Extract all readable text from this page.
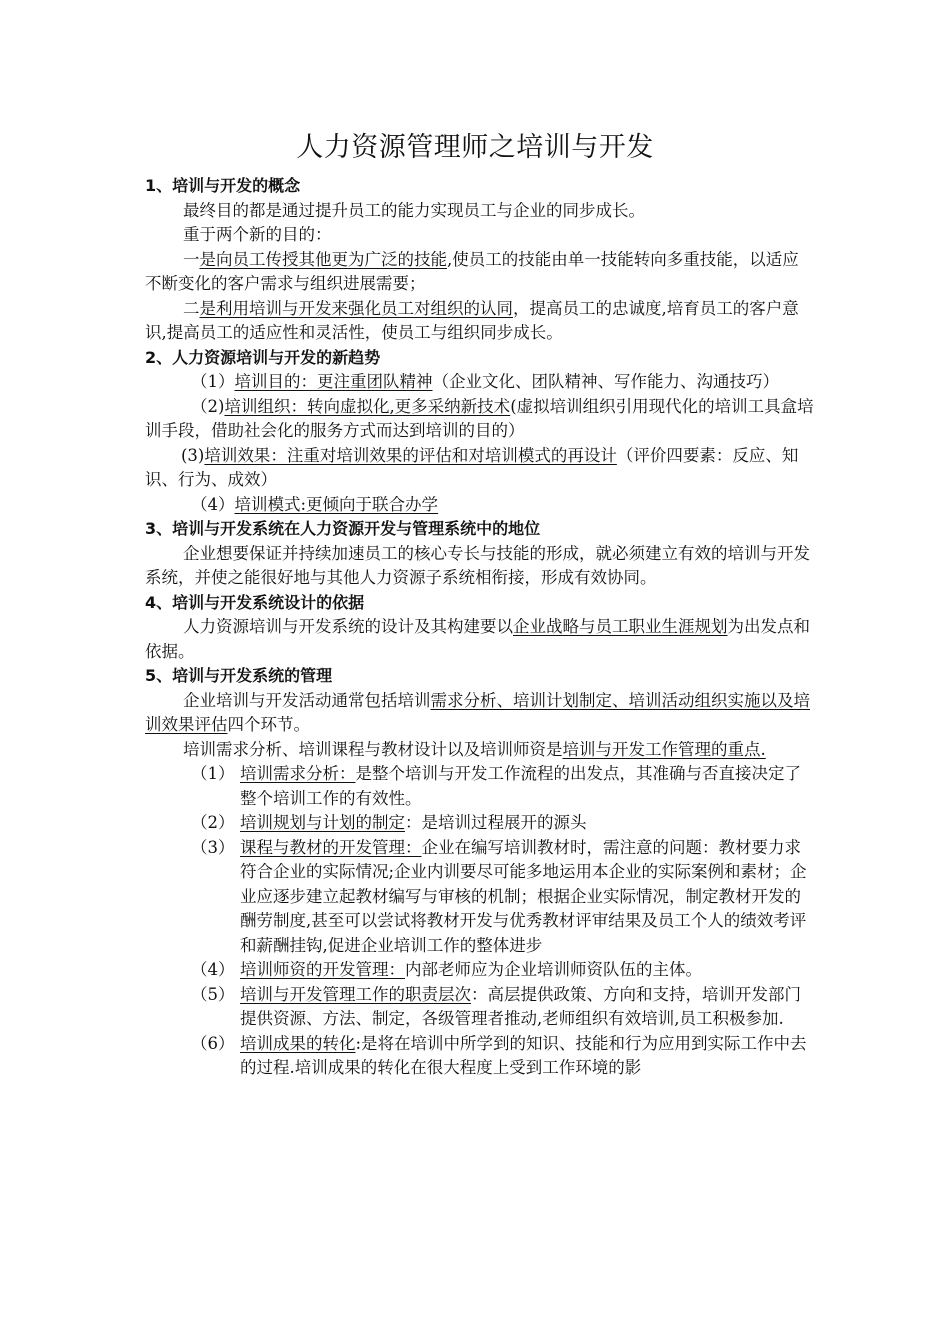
人力资源管理师之培训与开发
1、培训与开发的概念

最终目的都是通过提升员工的能力实现员工与企业的同步成长。

重于两个新的目的：

一是向员工传授其他更为广泛的技能,使员工的技能由单一技能转向多重技能，以适应不断变化的客户需求与组织进展需要；

二是利用培训与开发来强化员工对组织的认同，提高员工的忠诚度,培育员工的客户意识,提高员工的适应性和灵活性，使员工与组织同步成长。

2、人力资源培训与开发的新趋势

（1）培训目的：更注重团队精神（企业文化、团队精神、写作能力、沟通技巧）

（2)培训组织：转向虚拟化,更多采纳新技术(虚拟培训组织引用现代化的培训工具盒培训手段，借助社会化的服务方式而达到培训的目的）

(3)培训效果：注重对培训效果的评估和对培训模式的再设计（评价四要素：反应、知识、行为、成效）

（4）培训模式:更倾向于联合办学

3、培训与开发系统在人力资源开发与管理系统中的地位

企业想要保证并持续加速员工的核心专长与技能的形成，就必须建立有效的培训与开发系统，并使之能很好地与其他人力资源子系统相衔接，形成有效协同。

4、培训与开发系统设计的依据

人力资源培训与开发系统的设计及其构建要以企业战略与员工职业生涯规划为出发点和依据。

5、培训与开发系统的管理

企业培训与开发活动通常包括培训需求分析、培训计划制定、培训活动组织实施以及培训效果评估四个环节。

培训需求分析、培训课程与教材设计以及培训师资是培训与开发工作管理的重点.

（1） 培训需求分析：是整个培训与开发工作流程的出发点，其准确与否直接决定了整个培训工作的有效性。
（2） 培训规划与计划的制定：是培训过程展开的源头
（3） 课程与教材的开发管理：企业在编写培训教材时，需注意的问题：教材要力求符合企业的实际情况;企业内训要尽可能多地运用本企业的实际案例和素材；企业应逐步建立起教材编写与审核的机制；根据企业实际情况，制定教材开发的酬劳制度,甚至可以尝试将教材开发与优秀教材评审结果及员工个人的绩效考评和薪酬挂钩,促进企业培训工作的整体进步
（4） 培训师资的开发管理：内部老师应为企业培训师资队伍的主体。
（5） 培训与开发管理工作的职责层次：高层提供政策、方向和支持，培训开发部门提供资源、方法、制定，各级管理者推动,老师组织有效培训,员工积极参加.
（6） 培训成果的转化:是将在培训中所学到的知识、技能和行为应用到实际工作中去的过程.培训成果的转化在很大程度上受到工作环境的影
